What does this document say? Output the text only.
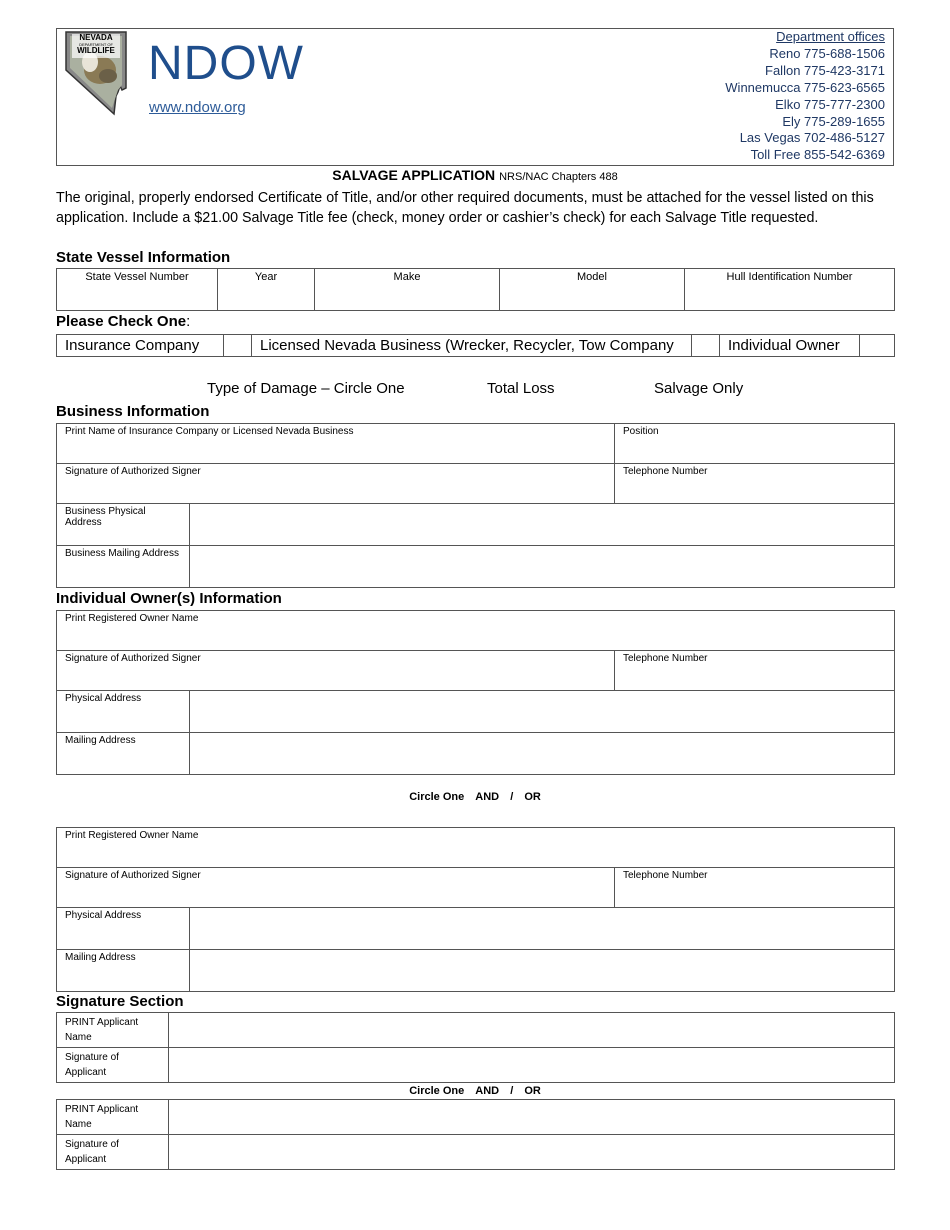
NEVADA
DEPARTMENT OF
WILDLIFE NDOW
www.ndow.org
Department offices
Reno 775-688-1506
Fallon 775-423-3171
Winnemucca 775-623-6565
Elko 775-777-2300
Ely 775-289-1655
Las Vegas 702-486-5127
Toll Free 855-542-6369
SALVAGE APPLICATION NRS/NAC Chapters 488
The original, properly endorsed Certificate of Title, and/or other required documents, must be attached for the vessel listed on this application. Include a $21.00 Salvage Title fee (check, money order or cashier’s check) for each Salvage Title requested.
State Vessel Information
State Vessel Number	Year	Make	Model	Hull Identification Number
Please Check One:
Insurance Company		Licensed Nevada Business (Wrecker, Recycler, Tow Company		Individual Owner	
Type of Damage – Circle One	Total Loss	Salvage Only
Business Information
Print Name of Insurance Company or Licensed Nevada Business	Position
Signature of Authorized Signer	Telephone Number
Business Physical Address	
Business Mailing Address	
Individual Owner(s) Information
Print Registered Owner Name
Signature of Authorized Signer	Telephone Number
Physical Address	
Mailing Address	
Circle One AND / OR
Print Registered Owner Name
Signature of Authorized Signer	Telephone Number
Physical Address	
Mailing Address	
Signature Section
PRINT Applicant Name	
Signature of Applicant	
Circle One AND / OR
PRINT Applicant Name	
Signature of Applicant	
